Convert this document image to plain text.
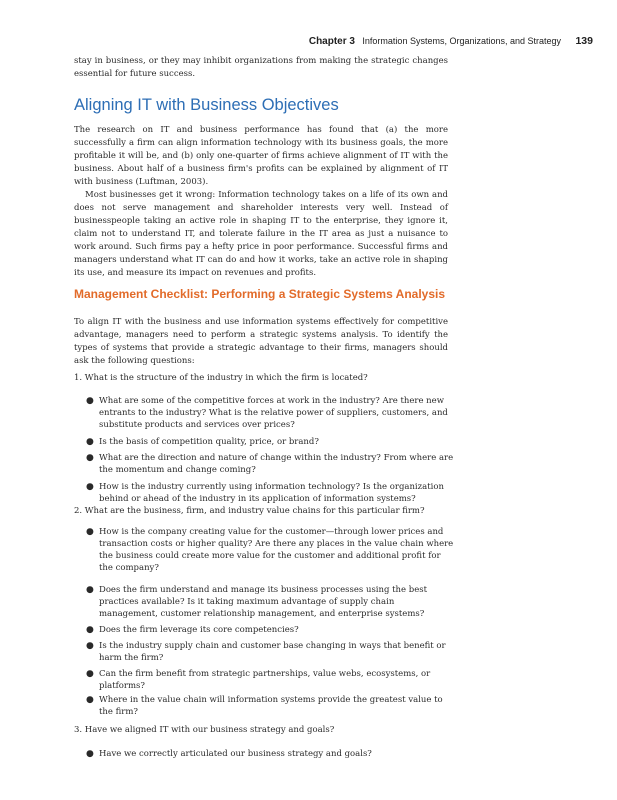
Chapter 3 Information Systems, Organizations, and Strategy 139

stay in business, or they may inhibit organizations from making the strategic changes essential for future success.

Aligning IT with Business Objectives

The research on IT and business performance has found that (a) the more successfully a firm can align information technology with its business goals, the more profitable it will be, and (b) only one-quarter of firms achieve alignment of IT with the business. About half of a business firm's profits can be explained by alignment of IT with business (Luftman, 2003).

Most businesses get it wrong: Information technology takes on a life of its own and does not serve management and shareholder interests very well. Instead of businesspeople taking an active role in shaping IT to the enterprise, they ignore it, claim not to understand IT, and tolerate failure in the IT area as just a nuisance to work around. Such firms pay a hefty price in poor performance. Successful firms and managers understand what IT can do and how it works, take an active role in shaping its use, and measure its impact on revenues and profits.

Management Checklist: Performing a Strategic Systems Analysis

To align IT with the business and use information systems effectively for competitive advantage, managers need to perform a strategic systems analysis. To identify the types of systems that provide a strategic advantage to their firms, managers should ask the following questions:

1. What is the structure of the industry in which the firm is located?

● What are some of the competitive forces at work in the industry? Are there new entrants to the industry? What is the relative power of suppliers, customers, and substitute products and services over prices?
● Is the basis of competition quality, price, or brand?
● What are the direction and nature of change within the industry? From where are the momentum and change coming?
● How is the industry currently using information technology? Is the organization behind or ahead of the industry in its application of information systems?

2. What are the business, firm, and industry value chains for this particular firm?

● How is the company creating value for the customer—through lower prices and transaction costs or higher quality? Are there any places in the value chain where the business could create more value for the customer and additional profit for the company?
● Does the firm understand and manage its business processes using the best practices available? Is it taking maximum advantage of supply chain management, customer relationship management, and enterprise systems?
● Does the firm leverage its core competencies?
● Is the industry supply chain and customer base changing in ways that benefit or harm the firm?
● Can the firm benefit from strategic partnerships, value webs, ecosystems, or platforms?
● Where in the value chain will information systems provide the greatest value to the firm?

3. Have we aligned IT with our business strategy and goals?

● Have we correctly articulated our business strategy and goals?
